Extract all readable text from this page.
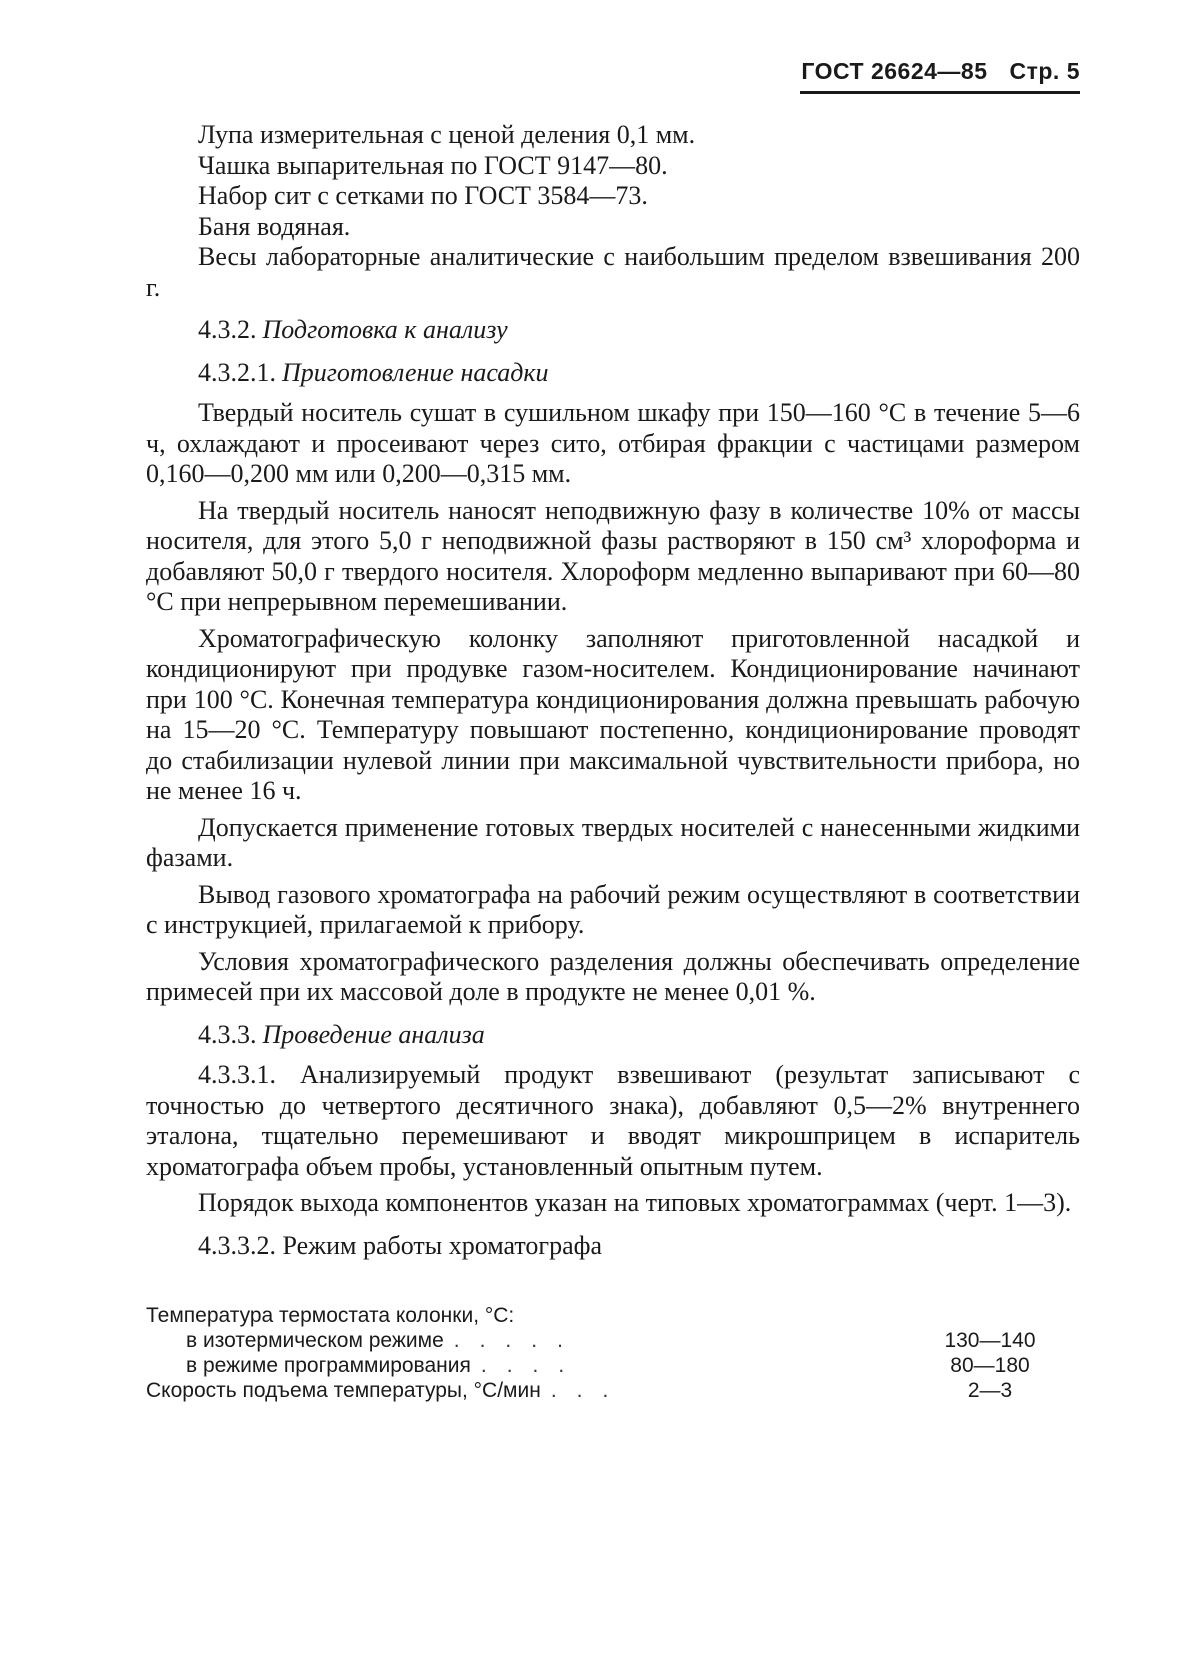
ГОСТ 26624—85 Стр. 5

Лупа измерительная с ценой деления 0,1 мм.

Чашка выпарительная по ГОСТ 9147—80.

Набор сит с сетками по ГОСТ 3584—73.

Баня водяная.

Весы лабораторные аналитические с наибольшим пределом взвешивания 200 г.

4.3.2. Подготовка к анализу
4.3.2.1. Приготовление насадки

Твердый носитель сушат в сушильном шкафу при 150—160 °С в течение 5—6 ч, охлаждают и просеивают через сито, отбирая фракции с частицами размером 0,160—0,200 мм или 0,200—0,315 мм.

На твердый носитель наносят неподвижную фазу в количестве 10% от массы носителя, для этого 5,0 г неподвижной фазы растворяют в 150 см³ хлороформа и добавляют 50,0 г твердого носителя. Хлороформ медленно выпаривают при 60—80 °С при непрерывном перемешивании.

Хроматографическую колонку заполняют приготовленной насадкой и кондиционируют при продувке газом-носителем. Кондиционирование начинают при 100 °С. Конечная температура кондиционирования должна превышать рабочую на 15—20 °С. Температуру повышают постепенно, кондиционирование проводят до стабилизации нулевой линии при максимальной чувствительности прибора, но не менее 16 ч.

Допускается применение готовых твердых носителей с нанесенными жидкими фазами.

Вывод газового хроматографа на рабочий режим осуществляют в соответствии с инструкцией, прилагаемой к прибору.

Условия хроматографического разделения должны обеспечивать определение примесей при их массовой доле в продукте не менее 0,01 %.

4.3.3. Проведение анализа

4.3.3.1. Анализируемый продукт взвешивают (результат записывают с точностью до четвертого десятичного знака), добавляют 0,5—2% внутреннего эталона, тщательно перемешивают и вводят микрошприцем в испаритель хроматографа объем пробы, установленный опытным путем.

Порядок выхода компонентов указан на типовых хроматограммах (черт. 1—3).

4.3.3.2. Режим работы хроматографа
Температура термостата колонки, °С:
в изотермическом режиме .....	130—140
в режиме программирования ....	80—180
Скорость подъема температуры, °С/мин ...	2—3
